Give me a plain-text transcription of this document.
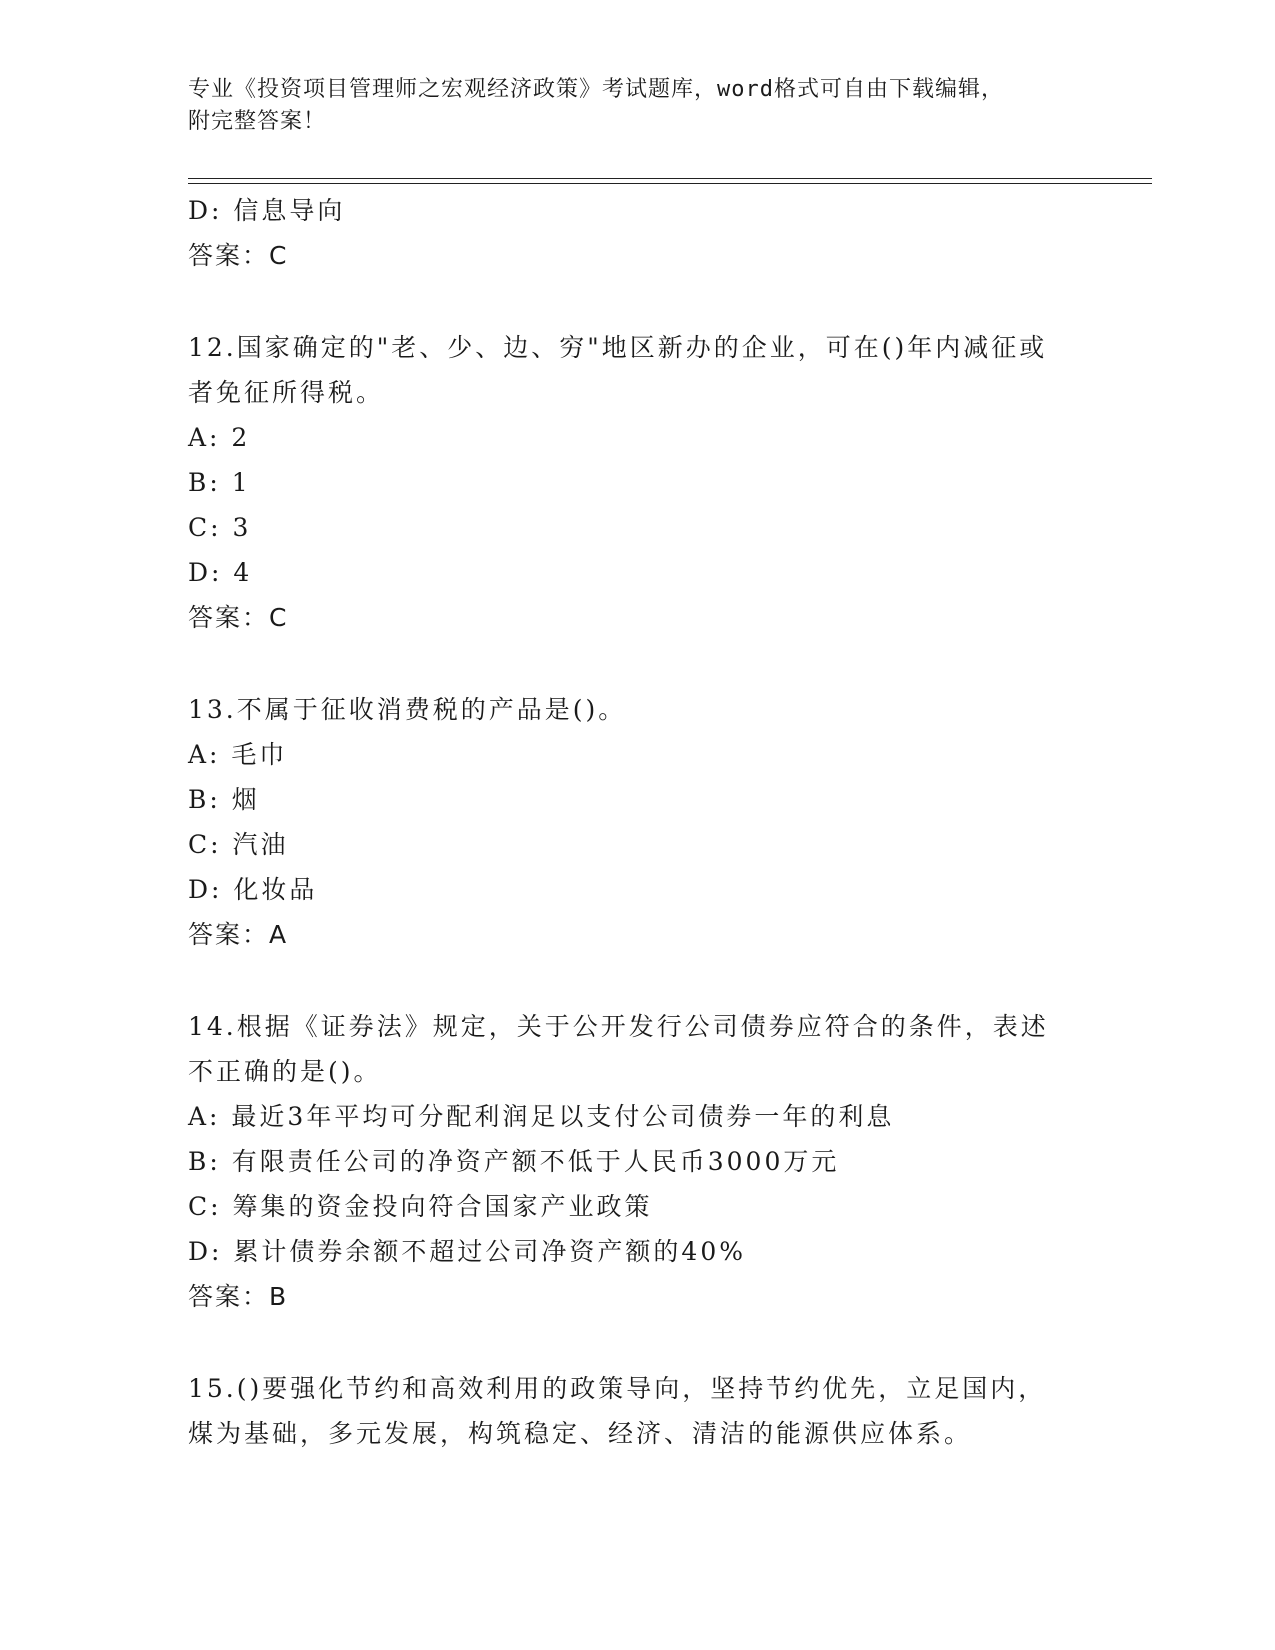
专业《投资项目管理师之宏观经济政策》考试题库，word格式可自由下载编辑，
附完整答案！
D: 信息导向
答案：C
12.国家确定的"老、少、边、穷"地区新办的企业，可在()年内减征或
者免征所得税。
A: 2
B: 1
C: 3
D: 4
答案：C
13.不属于征收消费税的产品是()。
A: 毛巾
B: 烟
C: 汽油
D: 化妆品
答案：A
14.根据《证券法》规定，关于公开发行公司债券应符合的条件，表述
不正确的是()。
A: 最近3年平均可分配利润足以支付公司债券一年的利息
B: 有限责任公司的净资产额不低于人民币3000万元
C: 筹集的资金投向符合国家产业政策
D: 累计债券余额不超过公司净资产额的40%
答案：B
15.()要强化节约和高效利用的政策导向，坚持节约优先，立足国内，
煤为基础，多元发展，构筑稳定、经济、清洁的能源供应体系。
